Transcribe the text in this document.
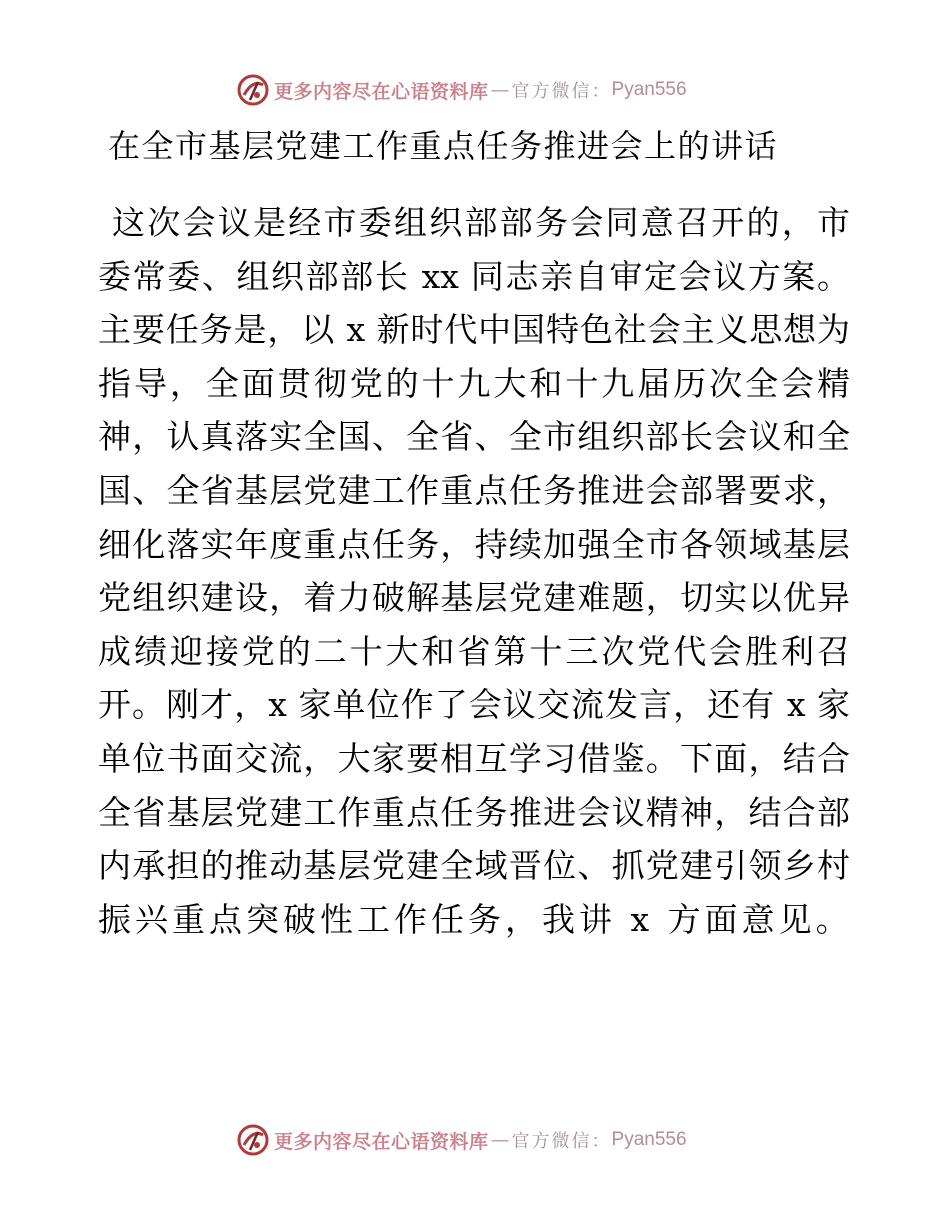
更多内容尽在心语资料库 — 官方微信： Pyan556
在全市基层党建工作重点任务推进会上的讲话
这次会议是经市委组织部部务会同意召开的，市
委常委、组织部部长 xx 同志亲自审定会议方案。
主要任务是，以 x 新时代中国特色社会主义思想为
指导，全面贯彻党的十九大和十九届历次全会精
神，认真落实全国、全省、全市组织部长会议和全
国、全省基层党建工作重点任务推进会部署要求，
细化落实年度重点任务，持续加强全市各领域基层
党组织建设，着力破解基层党建难题，切实以优异
成绩迎接党的二十大和省第十三次党代会胜利召
开。刚才，x 家单位作了会议交流发言，还有 x 家
单位书面交流，大家要相互学习借鉴。下面，结合
全省基层党建工作重点任务推进会议精神，结合部
内承担的推动基层党建全域晋位、抓党建引领乡村
振兴重点突破性工作任务，我讲 x 方面意见。
更多内容尽在心语资料库 — 官方微信： Pyan556
